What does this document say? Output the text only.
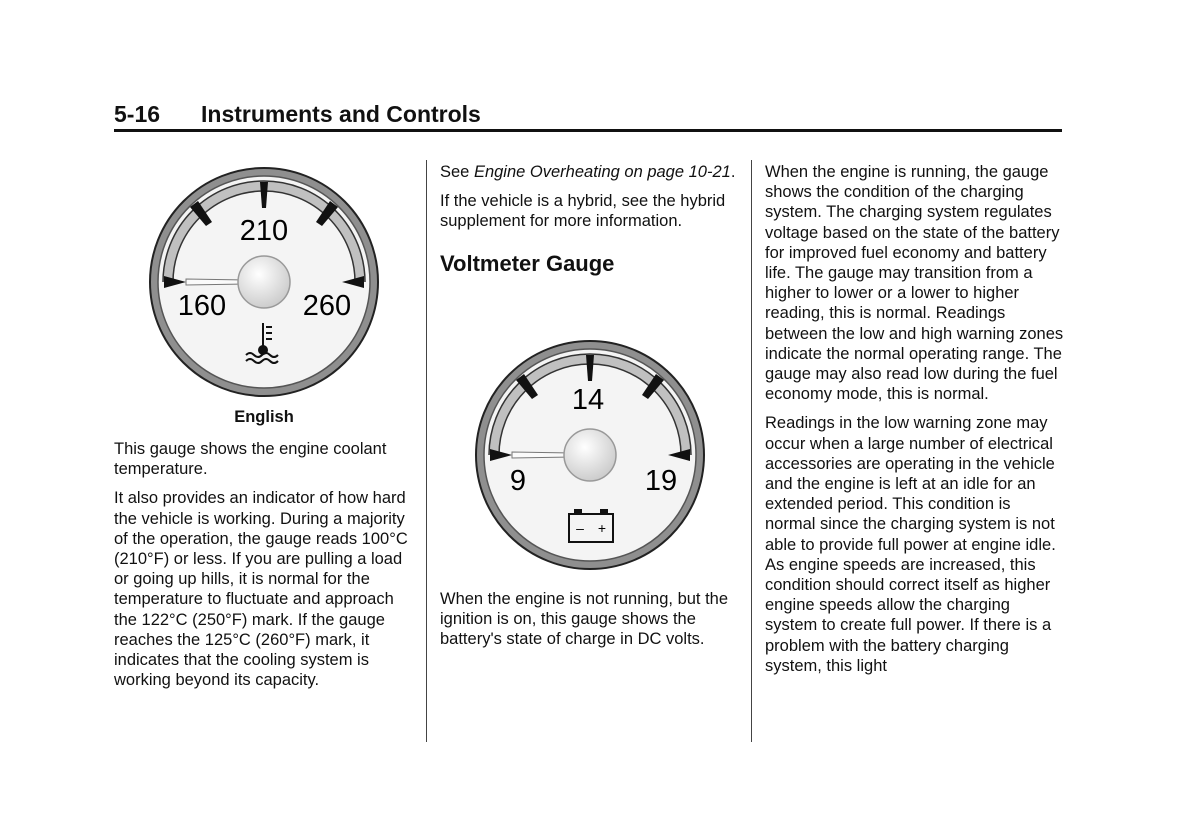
5-16 Instruments and Controls
210
160	260
English

This gauge shows the engine coolant temperature.

It also provides an indicator of how hard the vehicle is working. During a majority of the operation, the gauge reads 100°C (210°F) or less. If you are pulling a load or going up hills, it is normal for the temperature to fluctuate and approach the 122°C (250°F) mark. If the gauge reaches the 125°C (260°F) mark, it indicates that the cooling system is working beyond its capacity.

See Engine Overheating on page 10-21.

If the vehicle is a hybrid, see the hybrid supplement for more information.

Voltmeter Gauge
14
9	19
– +

When the engine is not running, but the ignition is on, this gauge shows the battery's state of charge in DC volts.

When the engine is running, the gauge shows the condition of the charging system. The charging system regulates voltage based on the state of the battery for improved fuel economy and battery life. The gauge may transition from a higher to lower or a lower to higher reading, this is normal. Readings between the low and high warning zones indicate the normal operating range. The gauge may also read low during the fuel economy mode, this is normal.

Readings in the low warning zone may occur when a large number of electrical accessories are operating in the vehicle and the engine is left at an idle for an extended period. This condition is normal since the charging system is not able to provide full power at engine idle. As engine speeds are increased, this condition should correct itself as higher engine speeds allow the charging system to create full power. If there is a problem with the battery charging system, this light
